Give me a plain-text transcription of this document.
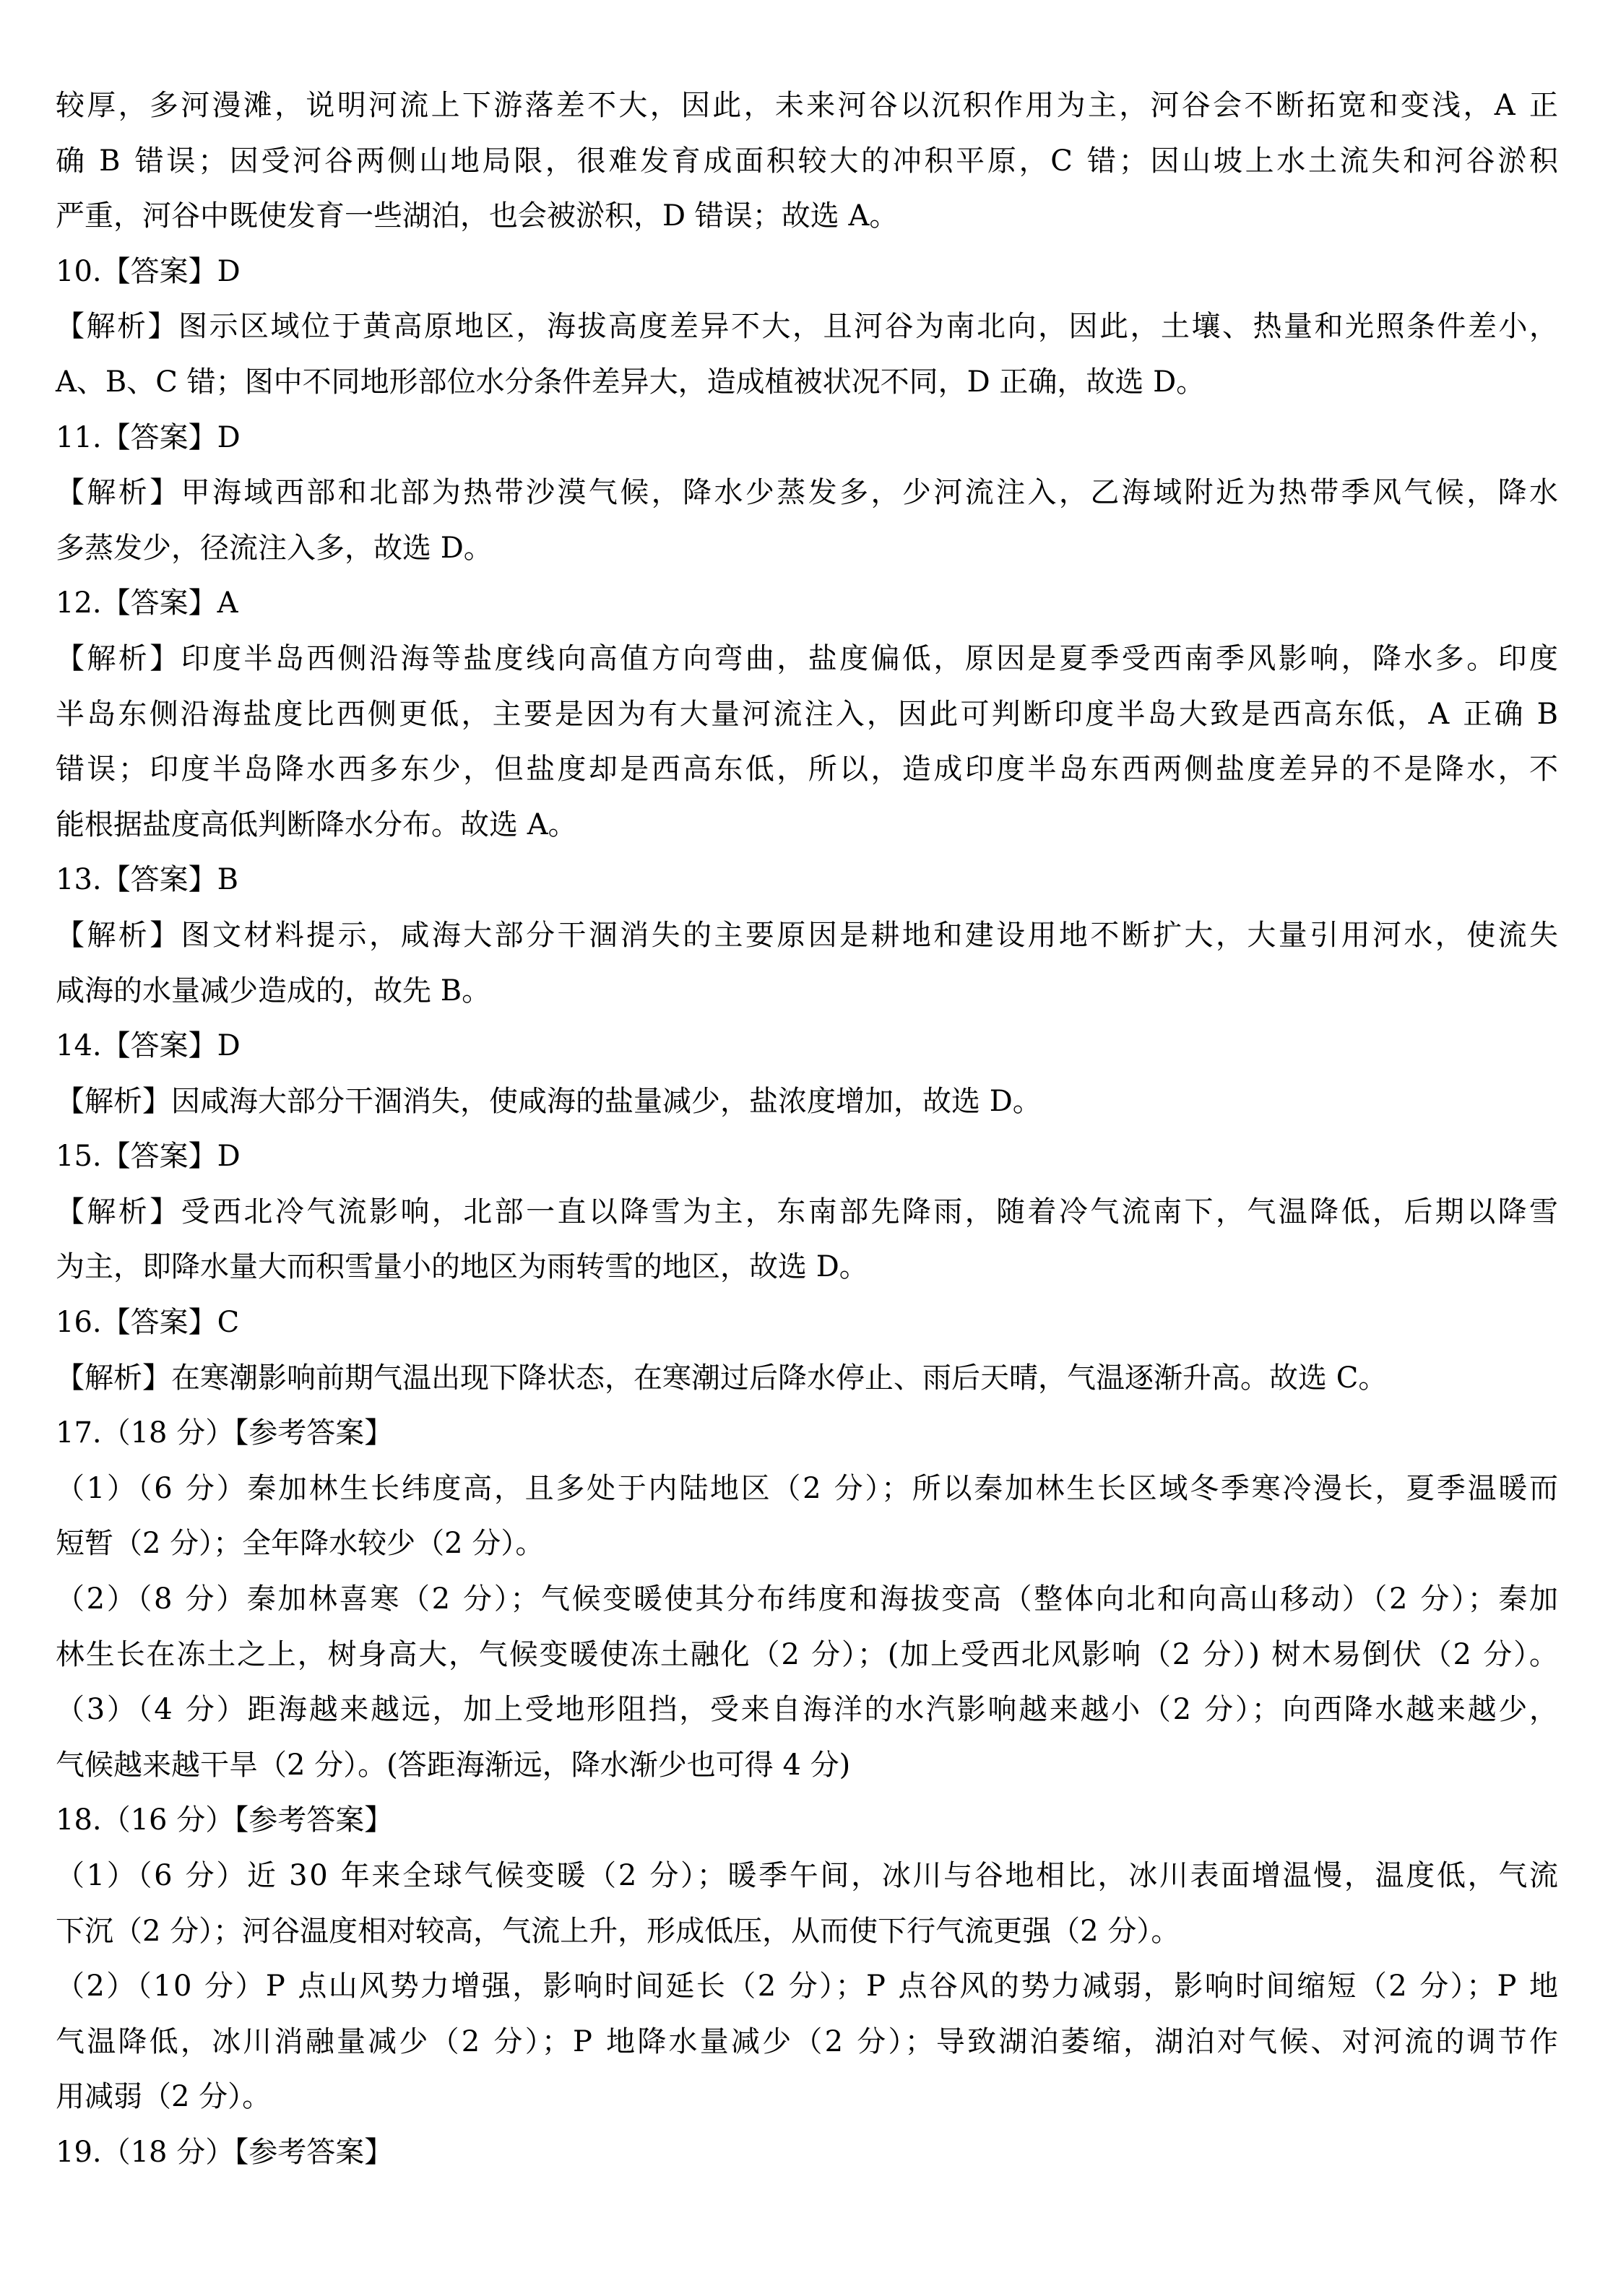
较厚，多河漫滩，说明河流上下游落差不大，因此，未来河谷以沉积作用为主，河谷会不断拓宽和变浅，A 正
确 B 错误；因受河谷两侧山地局限，很难发育成面积较大的冲积平原，C 错；因山坡上水土流失和河谷淤积
严重，河谷中既使发育一些湖泊，也会被淤积，D 错误；故选 A。
10.【答案】D
【解析】图示区域位于黄高原地区，海拔高度差异不大，且河谷为南北向，因此，土壤、热量和光照条件差小，
A、B、C 错；图中不同地形部位水分条件差异大，造成植被状况不同，D 正确，故选 D。
11.【答案】D
【解析】甲海域西部和北部为热带沙漠气候，降水少蒸发多，少河流注入，乙海域附近为热带季风气候，降水
多蒸发少，径流注入多，故选 D。
12.【答案】A
【解析】印度半岛西侧沿海等盐度线向高值方向弯曲，盐度偏低，原因是夏季受西南季风影响，降水多。印度
半岛东侧沿海盐度比西侧更低，主要是因为有大量河流注入，因此可判断印度半岛大致是西高东低，A 正确 B
错误；印度半岛降水西多东少，但盐度却是西高东低，所以，造成印度半岛东西两侧盐度差异的不是降水，不
能根据盐度高低判断降水分布。故选 A。
13.【答案】B
【解析】图文材料提示，咸海大部分干涸消失的主要原因是耕地和建设用地不断扩大，大量引用河水，使流失
咸海的水量减少造成的，故先 B。
14.【答案】D
【解析】因咸海大部分干涸消失，使咸海的盐量减少，盐浓度增加，故选 D。
15.【答案】D
【解析】受西北冷气流影响，北部一直以降雪为主，东南部先降雨，随着冷气流南下，气温降低，后期以降雪
为主，即降水量大而积雪量小的地区为雨转雪的地区，故选 D。
16.【答案】C
【解析】在寒潮影响前期气温出现下降状态，在寒潮过后降水停止、雨后天晴，气温逐渐升高。故选 C。
17.（18 分）【参考答案】
（1）（6 分）秦加林生长纬度高，且多处于内陆地区（2 分）；所以秦加林生长区域冬季寒冷漫长，夏季温暖而
短暂（2 分）；全年降水较少（2 分）。
（2）（8 分）秦加林喜寒（2 分）；气候变暖使其分布纬度和海拔变高（整体向北和向高山移动）（2 分）；秦加
林生长在冻土之上，树身高大，气候变暖使冻土融化（2 分）；(加上受西北风影响（2 分）) 树木易倒伏（2 分）。
（3）（4 分）距海越来越远，加上受地形阻挡，受来自海洋的水汽影响越来越小（2 分）；向西降水越来越少，
气候越来越干旱（2 分）。(答距海渐远，降水渐少也可得 4 分)
18.（16 分）【参考答案】
（1）（6 分）近 30 年来全球气候变暖（2 分）；暖季午间，冰川与谷地相比，冰川表面增温慢，温度低，气流
下沉（2 分）；河谷温度相对较高，气流上升，形成低压，从而使下行气流更强（2 分）。
（2）（10 分）P 点山风势力增强，影响时间延长（2 分）；P 点谷风的势力减弱，影响时间缩短（2 分）；P 地
气温降低，冰川消融量减少（2 分）；P 地降水量减少（2 分）；导致湖泊萎缩，湖泊对气候、对河流的调节作
用减弱（2 分）。
19.（18 分）【参考答案】
